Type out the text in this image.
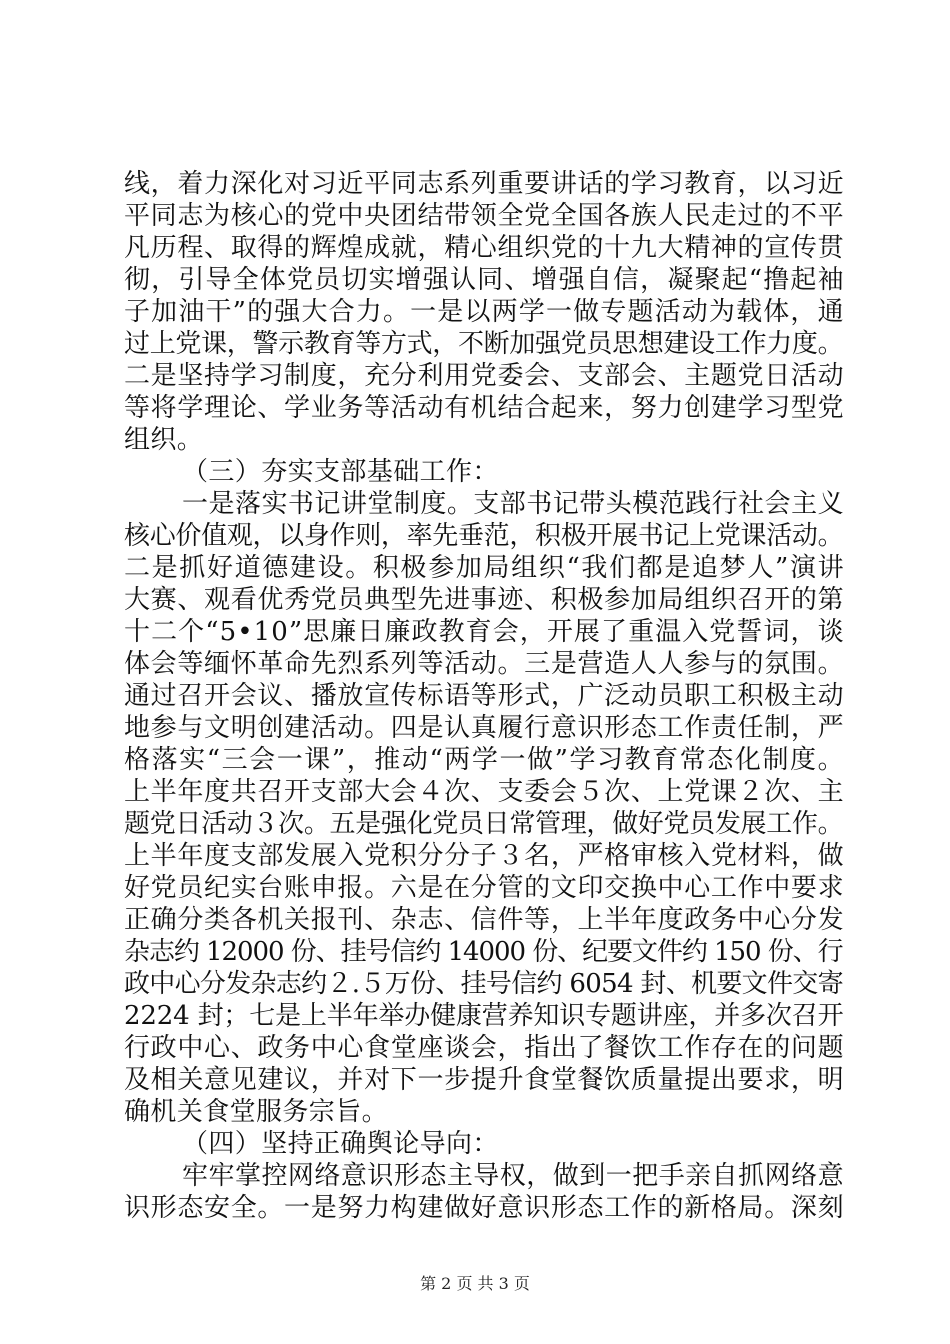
线，着力深化对习近平同志系列重要讲话的学习教育，以习近

平同志为核心的党中央团结带领全党全国各族人民走过的不平

凡历程、取得的辉煌成就，精心组织党的十九大精神的宣传贯

彻，引导全体党员切实增强认同、增强自信，凝聚起“撸起袖

子加油干”的强大合力。一是以两学一做专题活动为载体，通

过上党课，警示教育等方式，不断加强党员思想建设工作力度。

二是坚持学习制度，充分利用党委会、支部会、主题党日活动

等将学理论、学业务等活动有机结合起来，努力创建学习型党

组织。

（三）夯实支部基础工作：

一是落实书记讲堂制度。支部书记带头模范践行社会主义

核心价值观，以身作则，率先垂范，积极开展书记上党课活动。

二是抓好道德建设。积极参加局组织“我们都是追梦人”演讲

大赛、观看优秀党员典型先进事迹、积极参加局组织召开的第

十二个“5•10”思廉日廉政教育会，开展了重温入党誓词，谈

体会等缅怀革命先烈系列等活动。三是营造人人参与的氛围。

通过召开会议、播放宣传标语等形式，广泛动员职工积极主动

地参与文明创建活动。四是认真履行意识形态工作责任制，严

格落实“三会一课”，推动“两学一做”学习教育常态化制度。

上半年度共召开支部大会４次、支委会５次、上党课２次、主

题党日活动３次。五是强化党员日常管理，做好党员发展工作。

上半年度支部发展入党积分分子３名，严格审核入党材料，做

好党员纪实台账申报。六是在分管的文印交换中心工作中要求

正确分类各机关报刊、杂志、信件等，上半年度政务中心分发

杂志约 12000 份、挂号信约 14000 份、纪要文件约 150 份、行

政中心分发杂志约２.５万份、挂号信约 6054 封、机要文件交寄

2224 封；七是上半年举办健康营养知识专题讲座，并多次召开

行政中心、政务中心食堂座谈会，指出了餐饮工作存在的问题

及相关意见建议，并对下一步提升食堂餐饮质量提出要求，明

确机关食堂服务宗旨。

（四）坚持正确舆论导向：

牢牢掌控网络意识形态主导权，做到一把手亲自抓网络意

识形态安全。一是努力构建做好意识形态工作的新格局。深刻

第 2 页 共 3 页
